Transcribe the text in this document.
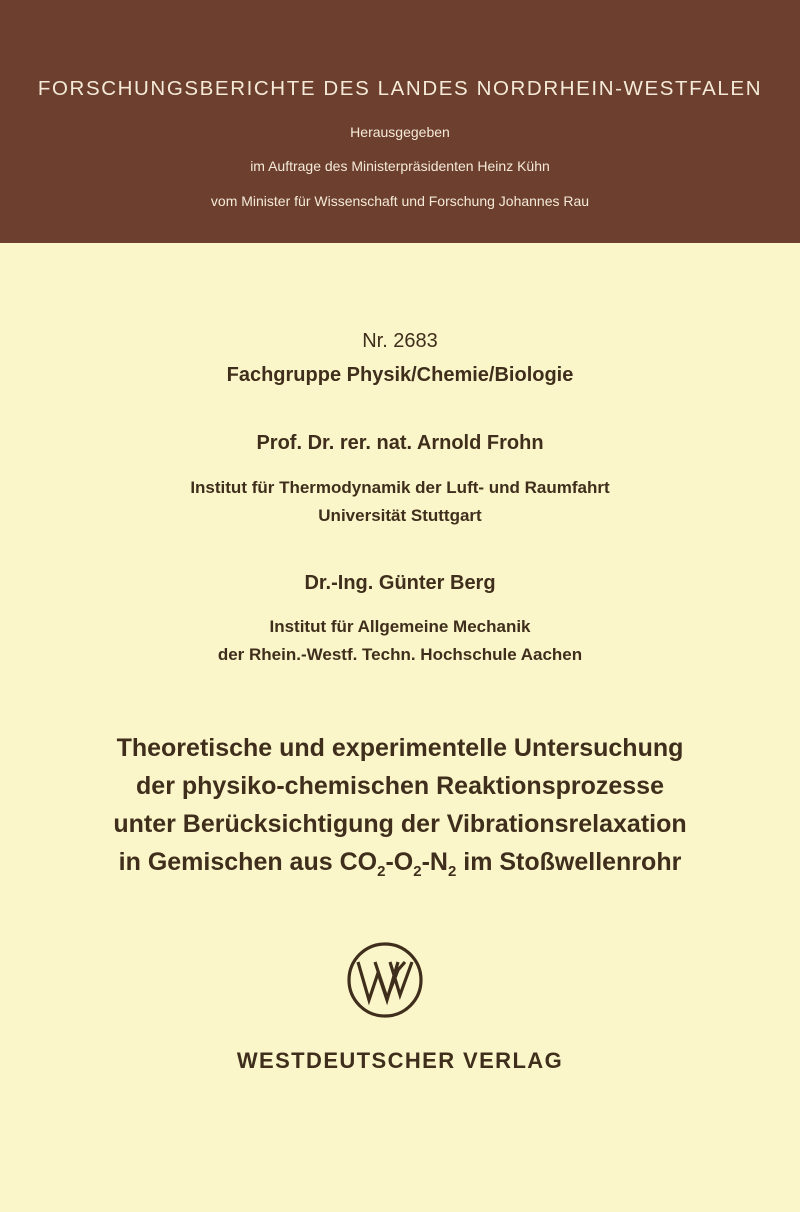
FORSCHUNGSBERICHTE DES LANDES NORDRHEIN-WESTFALEN
Herausgegeben
im Auftrage des Ministerpräsidenten Heinz Kühn
vom Minister für Wissenschaft und Forschung Johannes Rau
Nr. 2683
Fachgruppe Physik/Chemie/Biologie
Prof. Dr. rer. nat. Arnold Frohn
Institut für Thermodynamik der Luft- und Raumfahrt
Universität Stuttgart
Dr.-Ing. Günter Berg
Institut für Allgemeine Mechanik
der Rhein.-Westf. Techn. Hochschule Aachen
Theoretische und experimentelle Untersuchung
der physiko-chemischen Reaktionsprozesse
unter Berücksichtigung der Vibrationsrelaxation
in Gemischen aus $CO_2-O_2-N_2$ im Stoßwellenrohr
WESTDEUTSCHER VERLAG
